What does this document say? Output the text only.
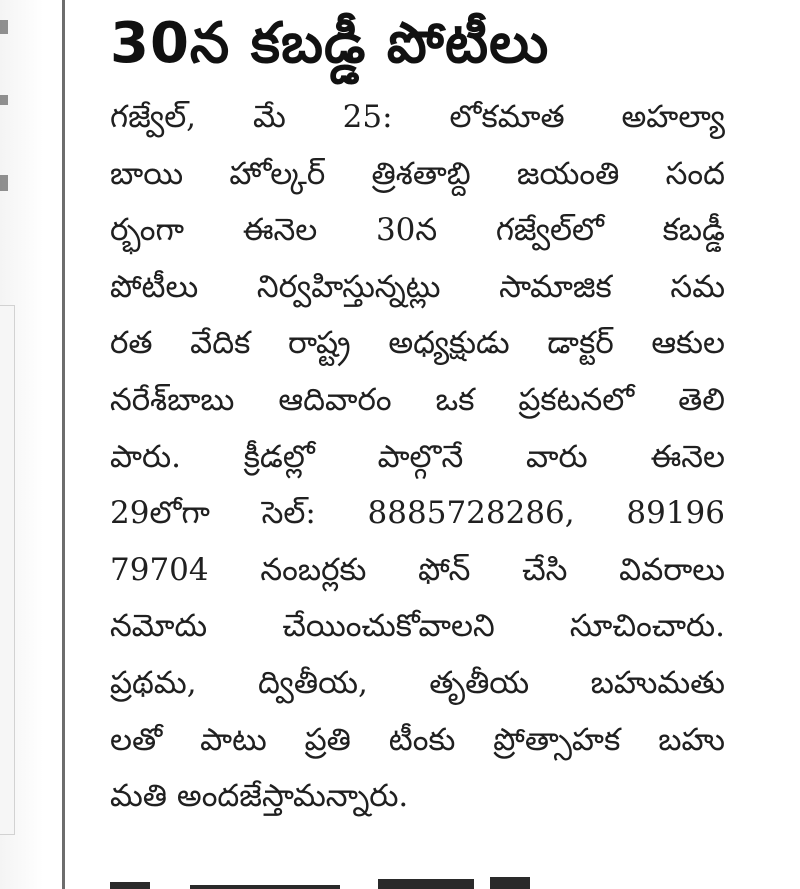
30న కబడ్డీ పోటీలు
గజ్వేల్, మే 25: లోకమాత అహల్యా
బాయి హోల్కర్ త్రిశతాబ్ది జయంతి సంద
ర్భంగా ఈనెల 30న గజ్వేల్‌లో కబడ్డీ
పోటీలు నిర్వహిస్తున్నట్లు సామాజిక సమ
రత వేదిక రాష్ట్ర అధ్యక్షుడు డాక్టర్ ఆకుల
నరేశ్‌బాబు ఆదివారం ఒక ప్రకటనలో తెలి
పారు. క్రీడల్లో పాల్గొనే వారు ఈనెల
29లోగా సెల్: 8885728286, 89196
79704 నంబర్లకు ఫోన్ చేసి వివరాలు
నమోదు చేయించుకోవాలని సూచించారు.
ప్రథమ, ద్వితీయ, తృతీయ బహుమతు
లతో పాటు ప్రతి టీంకు ప్రోత్సాహక బహు
మతి అందజేస్తామన్నారు.
